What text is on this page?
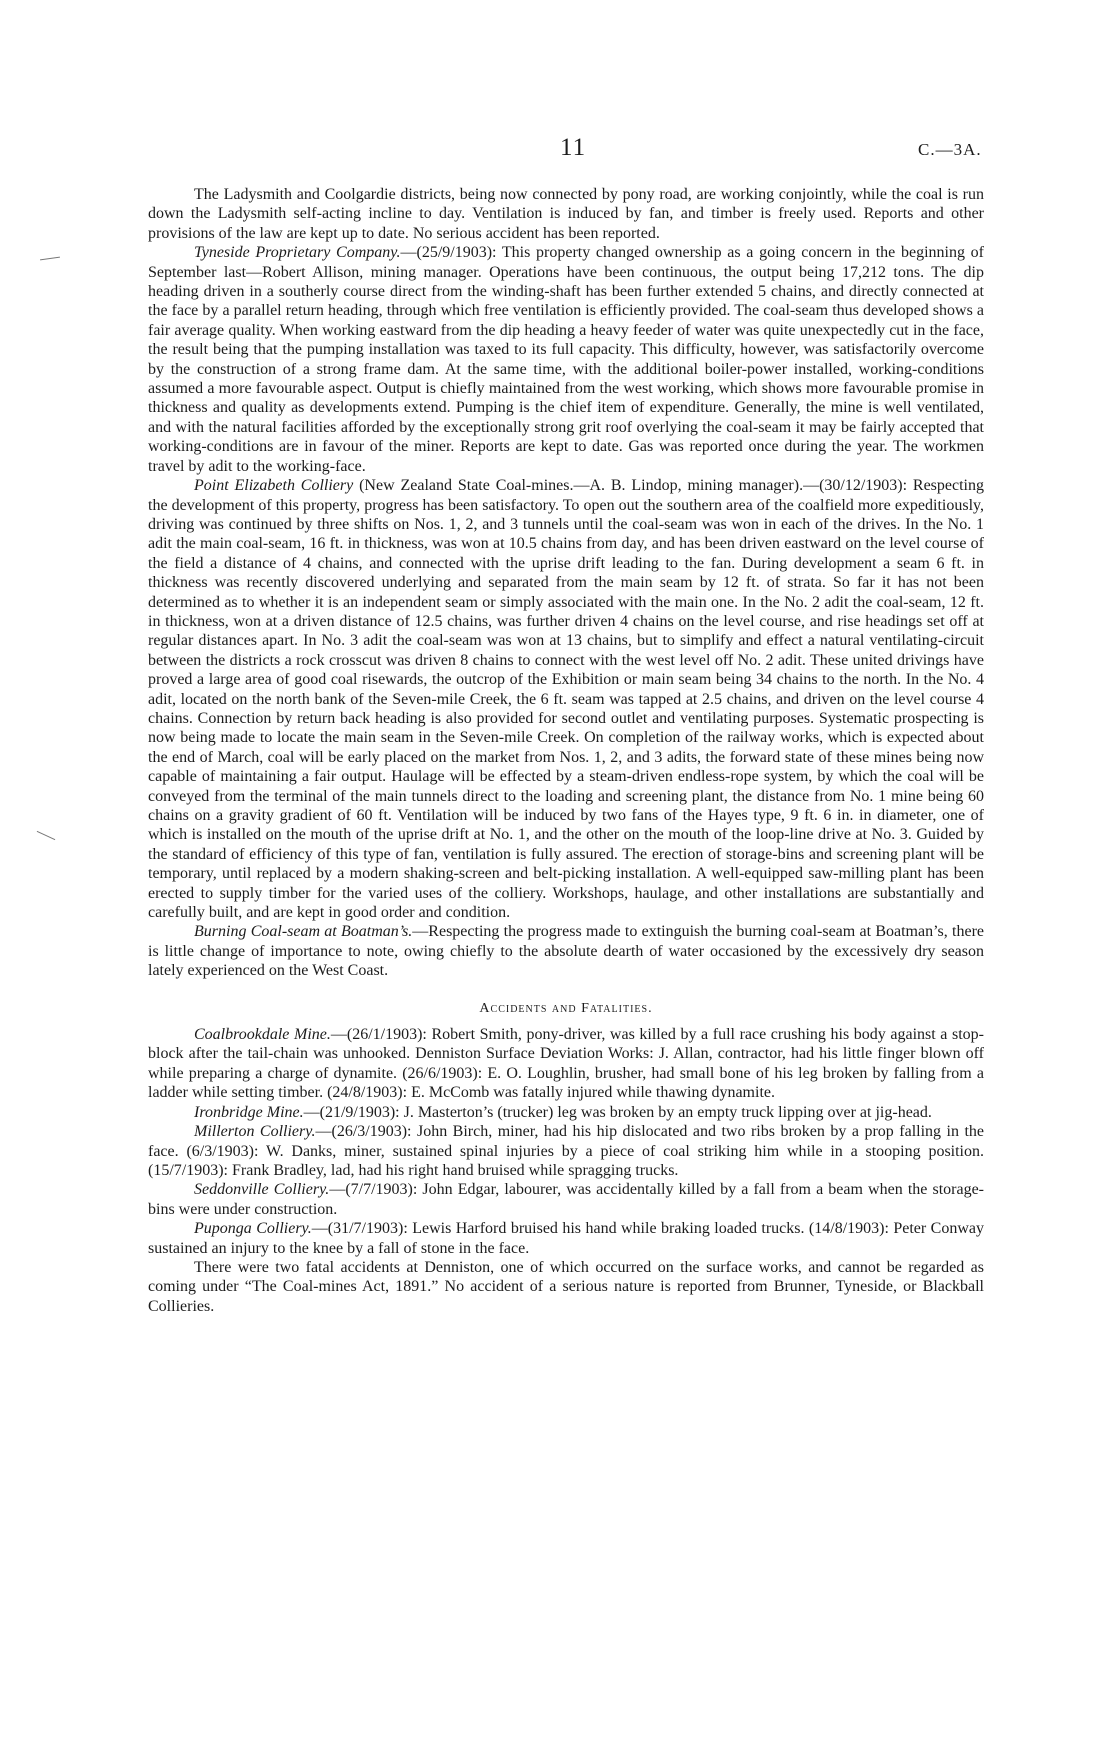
11	C.—3A.

The Ladysmith and Coolgardie districts, being now connected by pony road, are working conjointly, while the coal is run down the Ladysmith self-acting incline to day. Ventilation is induced by fan, and timber is freely used. Reports and other provisions of the law are kept up to date. No serious accident has been reported.

Tyneside Proprietary Company.—(25/9/1903): This property changed ownership as a going concern in the beginning of September last—Robert Allison, mining manager. Operations have been continuous, the output being 17,212 tons. The dip heading driven in a southerly course direct from the winding-shaft has been further extended 5 chains, and directly connected at the face by a parallel return heading, through which free ventilation is efficiently provided. The coal-seam thus developed shows a fair average quality. When working eastward from the dip heading a heavy feeder of water was quite unexpectedly cut in the face, the result being that the pumping installation was taxed to its full capacity. This difficulty, however, was satisfactorily overcome by the construction of a strong frame dam. At the same time, with the additional boiler-power installed, working-conditions assumed a more favourable aspect. Output is chiefly maintained from the west working, which shows more favourable promise in thickness and quality as developments extend. Pumping is the chief item of expenditure. Generally, the mine is well ventilated, and with the natural facilities afforded by the exceptionally strong grit roof overlying the coal-seam it may be fairly accepted that working-conditions are in favour of the miner. Reports are kept to date. Gas was reported once during the year. The workmen travel by adit to the working-face.

Point Elizabeth Colliery (New Zealand State Coal-mines.—A. B. Lindop, mining manager).—(30/12/1903): Respecting the development of this property, progress has been satisfactory. To open out the southern area of the coalfield more expeditiously, driving was continued by three shifts on Nos. 1, 2, and 3 tunnels until the coal-seam was won in each of the drives. In the No. 1 adit the main coal-seam, 16 ft. in thickness, was won at 10.5 chains from day, and has been driven eastward on the level course of the field a distance of 4 chains, and connected with the uprise drift leading to the fan. During development a seam 6 ft. in thickness was recently discovered underlying and separated from the main seam by 12 ft. of strata. So far it has not been determined as to whether it is an independent seam or simply associated with the main one. In the No. 2 adit the coal-seam, 12 ft. in thickness, won at a driven distance of 12.5 chains, was further driven 4 chains on the level course, and rise headings set off at regular distances apart. In No. 3 adit the coal-seam was won at 13 chains, but to simplify and effect a natural ventilating-circuit between the districts a rock crosscut was driven 8 chains to connect with the west level off No. 2 adit. These united drivings have proved a large area of good coal risewards, the outcrop of the Exhibition or main seam being 34 chains to the north. In the No. 4 adit, located on the north bank of the Seven-mile Creek, the 6 ft. seam was tapped at 2.5 chains, and driven on the level course 4 chains. Connection by return back heading is also provided for second outlet and ventilating purposes. Systematic prospecting is now being made to locate the main seam in the Seven-mile Creek. On completion of the railway works, which is expected about the end of March, coal will be early placed on the market from Nos. 1, 2, and 3 adits, the forward state of these mines being now capable of maintaining a fair output. Haulage will be effected by a steam-driven endless-rope system, by which the coal will be conveyed from the terminal of the main tunnels direct to the loading and screening plant, the distance from No. 1 mine being 60 chains on a gravity gradient of 60 ft. Ventilation will be induced by two fans of the Hayes type, 9 ft. 6 in. in diameter, one of which is installed on the mouth of the uprise drift at No. 1, and the other on the mouth of the loop-line drive at No. 3. Guided by the standard of efficiency of this type of fan, ventilation is fully assured. The erection of storage-bins and screening plant will be temporary, until replaced by a modern shaking-screen and belt-picking installation. A well-equipped saw-milling plant has been erected to supply timber for the varied uses of the colliery. Workshops, haulage, and other installations are substantially and carefully built, and are kept in good order and condition.

Burning Coal-seam at Boatman’s.—Respecting the progress made to extinguish the burning coal-seam at Boatman’s, there is little change of importance to note, owing chiefly to the absolute dearth of water occasioned by the excessively dry season lately experienced on the West Coast.

Accidents and Fatalities.

Coalbrookdale Mine.—(26/1/1903): Robert Smith, pony-driver, was killed by a full race crushing his body against a stop-block after the tail-chain was unhooked. Denniston Surface Deviation Works: J. Allan, contractor, had his little finger blown off while preparing a charge of dynamite. (26/6/1903): E. O. Loughlin, brusher, had small bone of his leg broken by falling from a ladder while setting timber. (24/8/1903): E. McComb was fatally injured while thawing dynamite.

Ironbridge Mine.—(21/9/1903): J. Masterton’s (trucker) leg was broken by an empty truck lipping over at jig-head.

Millerton Colliery.—(26/3/1903): John Birch, miner, had his hip dislocated and two ribs broken by a prop falling in the face. (6/3/1903): W. Danks, miner, sustained spinal injuries by a piece of coal striking him while in a stooping position. (15/7/1903): Frank Bradley, lad, had his right hand bruised while spragging trucks.

Seddonville Colliery.—(7/7/1903): John Edgar, labourer, was accidentally killed by a fall from a beam when the storage-bins were under construction.

Puponga Colliery.—(31/7/1903): Lewis Harford bruised his hand while braking loaded trucks. (14/8/1903): Peter Conway sustained an injury to the knee by a fall of stone in the face.

There were two fatal accidents at Denniston, one of which occurred on the surface works, and cannot be regarded as coming under “The Coal-mines Act, 1891.” No accident of a serious nature is reported from Brunner, Tyneside, or Blackball Collieries.
